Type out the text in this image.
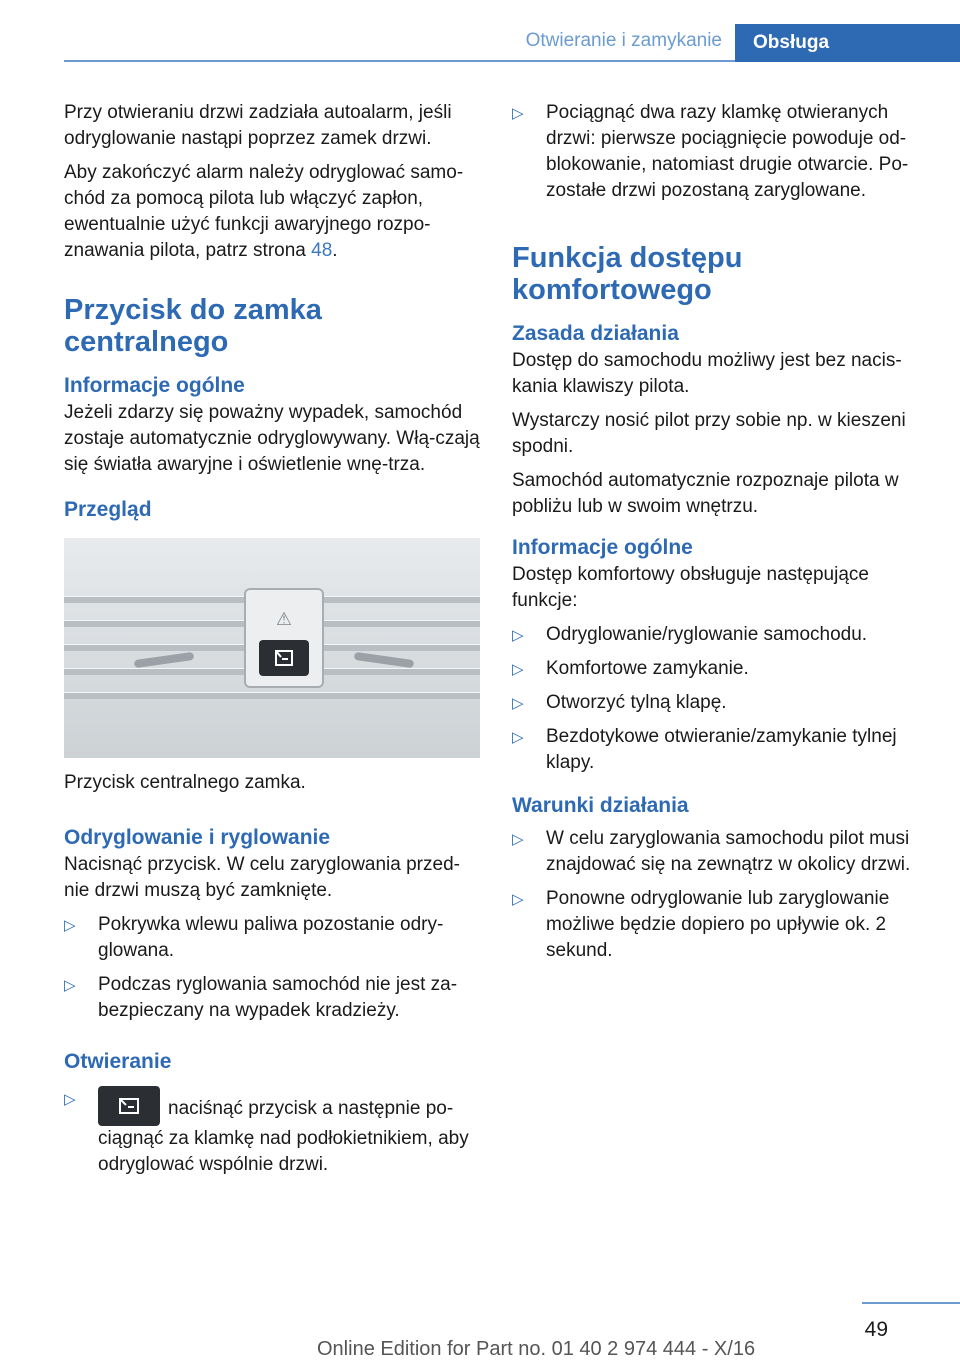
Otwieranie i zamykanie	Obsługa

Przy otwieraniu drzwi zadziała autoalarm, jeśli odryglowanie nastąpi poprzez zamek drzwi.

Aby zakończyć alarm należy odryglować samo-chód za pomocą pilota lub włączyć zapłon, ewentualnie użyć funkcji awaryjnego rozpo-znawania pilota, patrz strona 48.

Przycisk do zamka centralnego
Informacje ogólne

Jeżeli zdarzy się poważny wypadek, samochód zostaje automatycznie odryglowywany. Włą-czają się światła awaryjne i oświetlenie wnę-trza.

Przegląd
⚠

Przycisk centralnego zamka.

Odryglowanie i ryglowanie

Nacisnąć przycisk. W celu zaryglowania przed-nie drzwi muszą być zamknięte.

▷ Pokrywka wlewu paliwa pozostanie odry-glowana.
▷ Podczas ryglowania samochód nie jest za-bezpieczany na wypadek kradzieży.
Otwieranie
▷	naciśnąć przycisk a następnie po-ciągnąć za klamkę nad podłokietnikiem, aby odryglować wspólnie drzwi.
▷ Pociągnąć dwa razy klamkę otwieranych drzwi: pierwsze pociągnięcie powoduje od-blokowanie, natomiast drugie otwarcie. Po-zostałe drzwi pozostaną zaryglowane.
Funkcja dostępu komfortowego
Zasada działania

Dostęp do samochodu możliwy jest bez nacis-kania klawiszy pilota.

Wystarczy nosić pilot przy sobie np. w kieszeni spodni.

Samochód automatycznie rozpoznaje pilota w pobliżu lub w swoim wnętrzu.

Informacje ogólne

Dostęp komfortowy obsługuje następujące funkcje:

▷ Odryglowanie/ryglowanie samochodu.
▷ Komfortowe zamykanie.
▷ Otworzyć tylną klapę.
▷ Bezdotykowe otwieranie/zamykanie tylnej klapy.
Warunki działania
▷ W celu zaryglowania samochodu pilot musi znajdować się na zewnątrz w okolicy drzwi.
▷ Ponowne odryglowanie lub zaryglowanie możliwe będzie dopiero po upływie ok. 2 sekund.
49
Online Edition for Part no. 01 40 2 974 444 - X/16
